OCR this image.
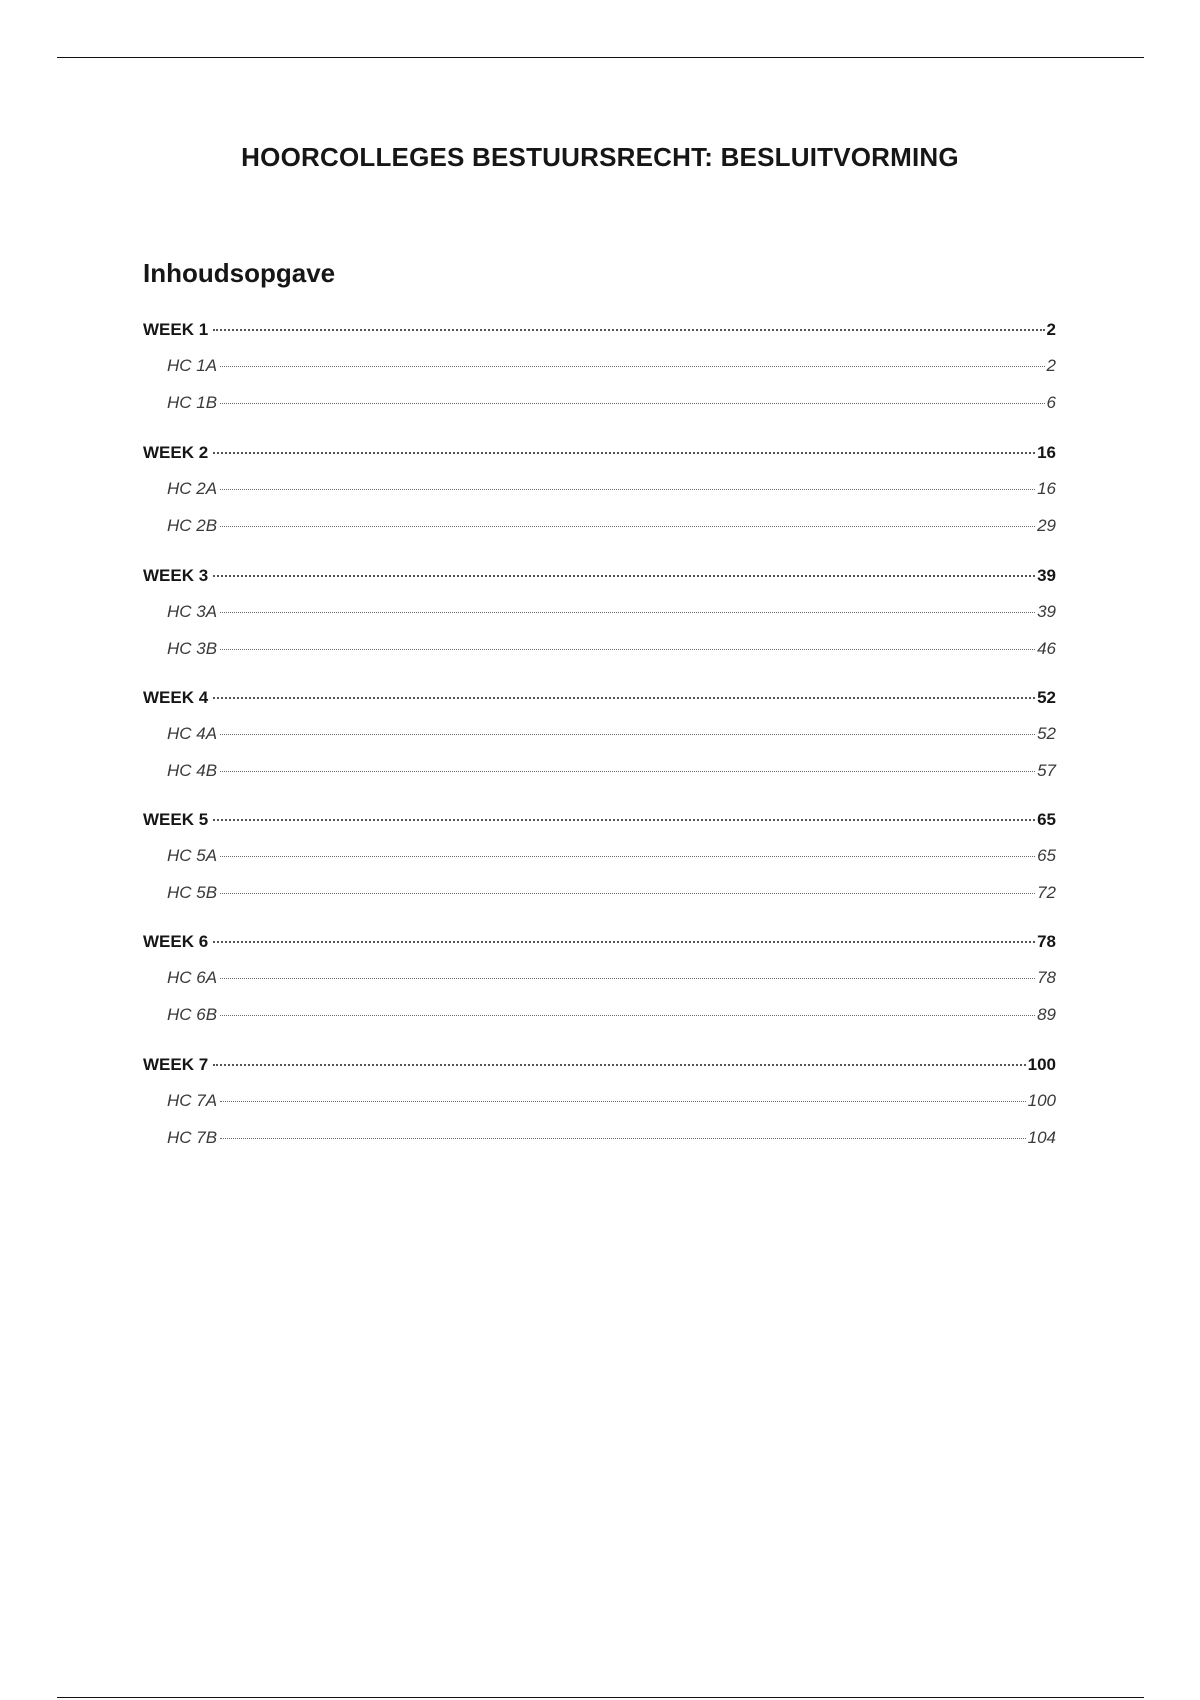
HOORCOLLEGES BESTUURSRECHT: BESLUITVORMING
Inhoudsopgave
WEEK 1	2
HC 1A	2
HC 1B	6
WEEK 2	16
HC 2A	16
HC 2B	29
WEEK 3	39
HC 3A	39
HC 3B	46
WEEK 4	52
HC 4A	52
HC 4B	57
WEEK 5	65
HC 5A	65
HC 5B	72
WEEK 6	78
HC 6A	78
HC 6B	89
WEEK 7	100
HC 7A	100
HC 7B	104
